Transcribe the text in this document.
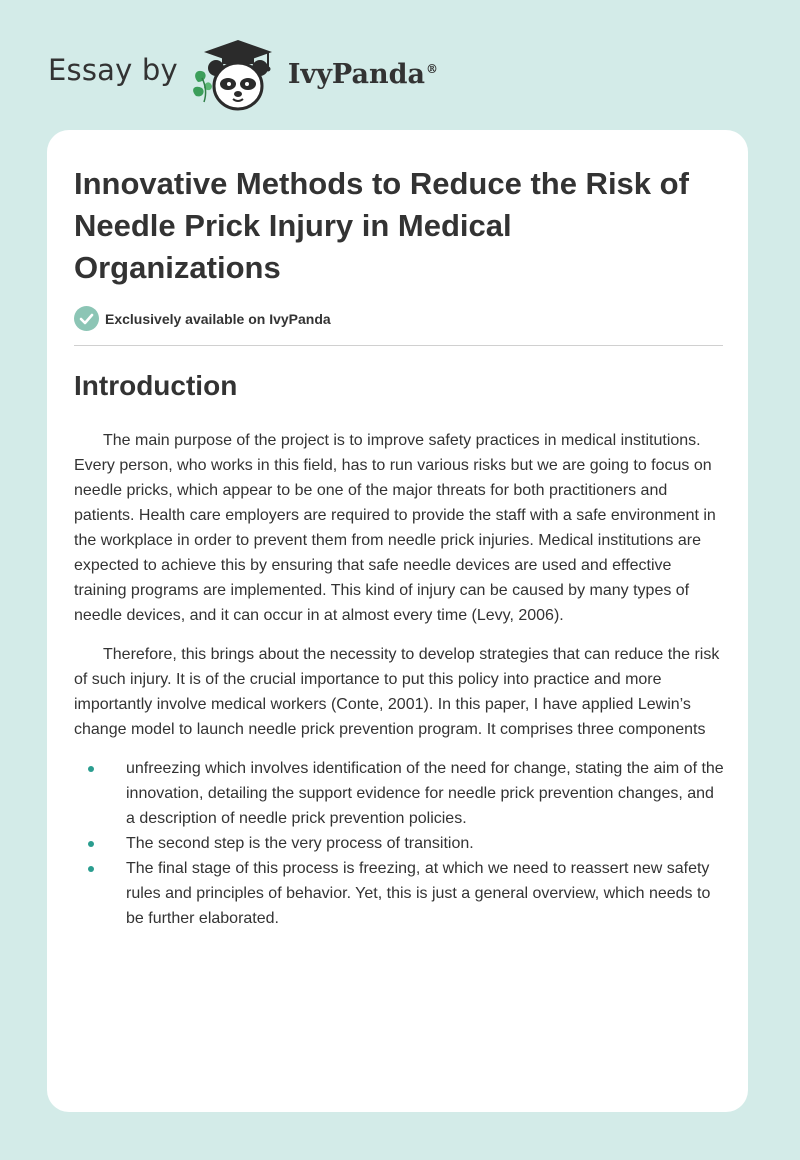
Essay by	IvyPanda®
Innovative Methods to Reduce the Risk of Needle Prick Injury in Medical Organizations
Exclusively available on IvyPanda
Introduction

The main purpose of the project is to improve safety practices in medical institutions. Every person, who works in this field, has to run various risks but we are going to focus on needle pricks, which appear to be one of the major threats for both practitioners and patients. Health care employers are required to provide the staff with a safe environment in the workplace in order to prevent them from needle prick injuries. Medical institutions are expected to achieve this by ensuring that safe needle devices are used and effective training programs are implemented. This kind of injury can be caused by many types of needle devices, and it can occur in at almost every time (Levy, 2006).

Therefore, this brings about the necessity to develop strategies that can reduce the risk of such injury. It is of the crucial importance to put this policy into practice and more importantly involve medical workers (Conte, 2001). In this paper, I have applied Lewin’s change model to launch needle prick prevention program. It comprises three components

unfreezing which involves identification of the need for change, stating the aim of the innovation, detailing the support evidence for needle prick prevention changes, and a description of needle prick prevention policies.
The second step is the very process of transition.
The final stage of this process is freezing, at which we need to reassert new safety rules and principles of behavior. Yet, this is just a general overview, which needs to be further elaborated.
